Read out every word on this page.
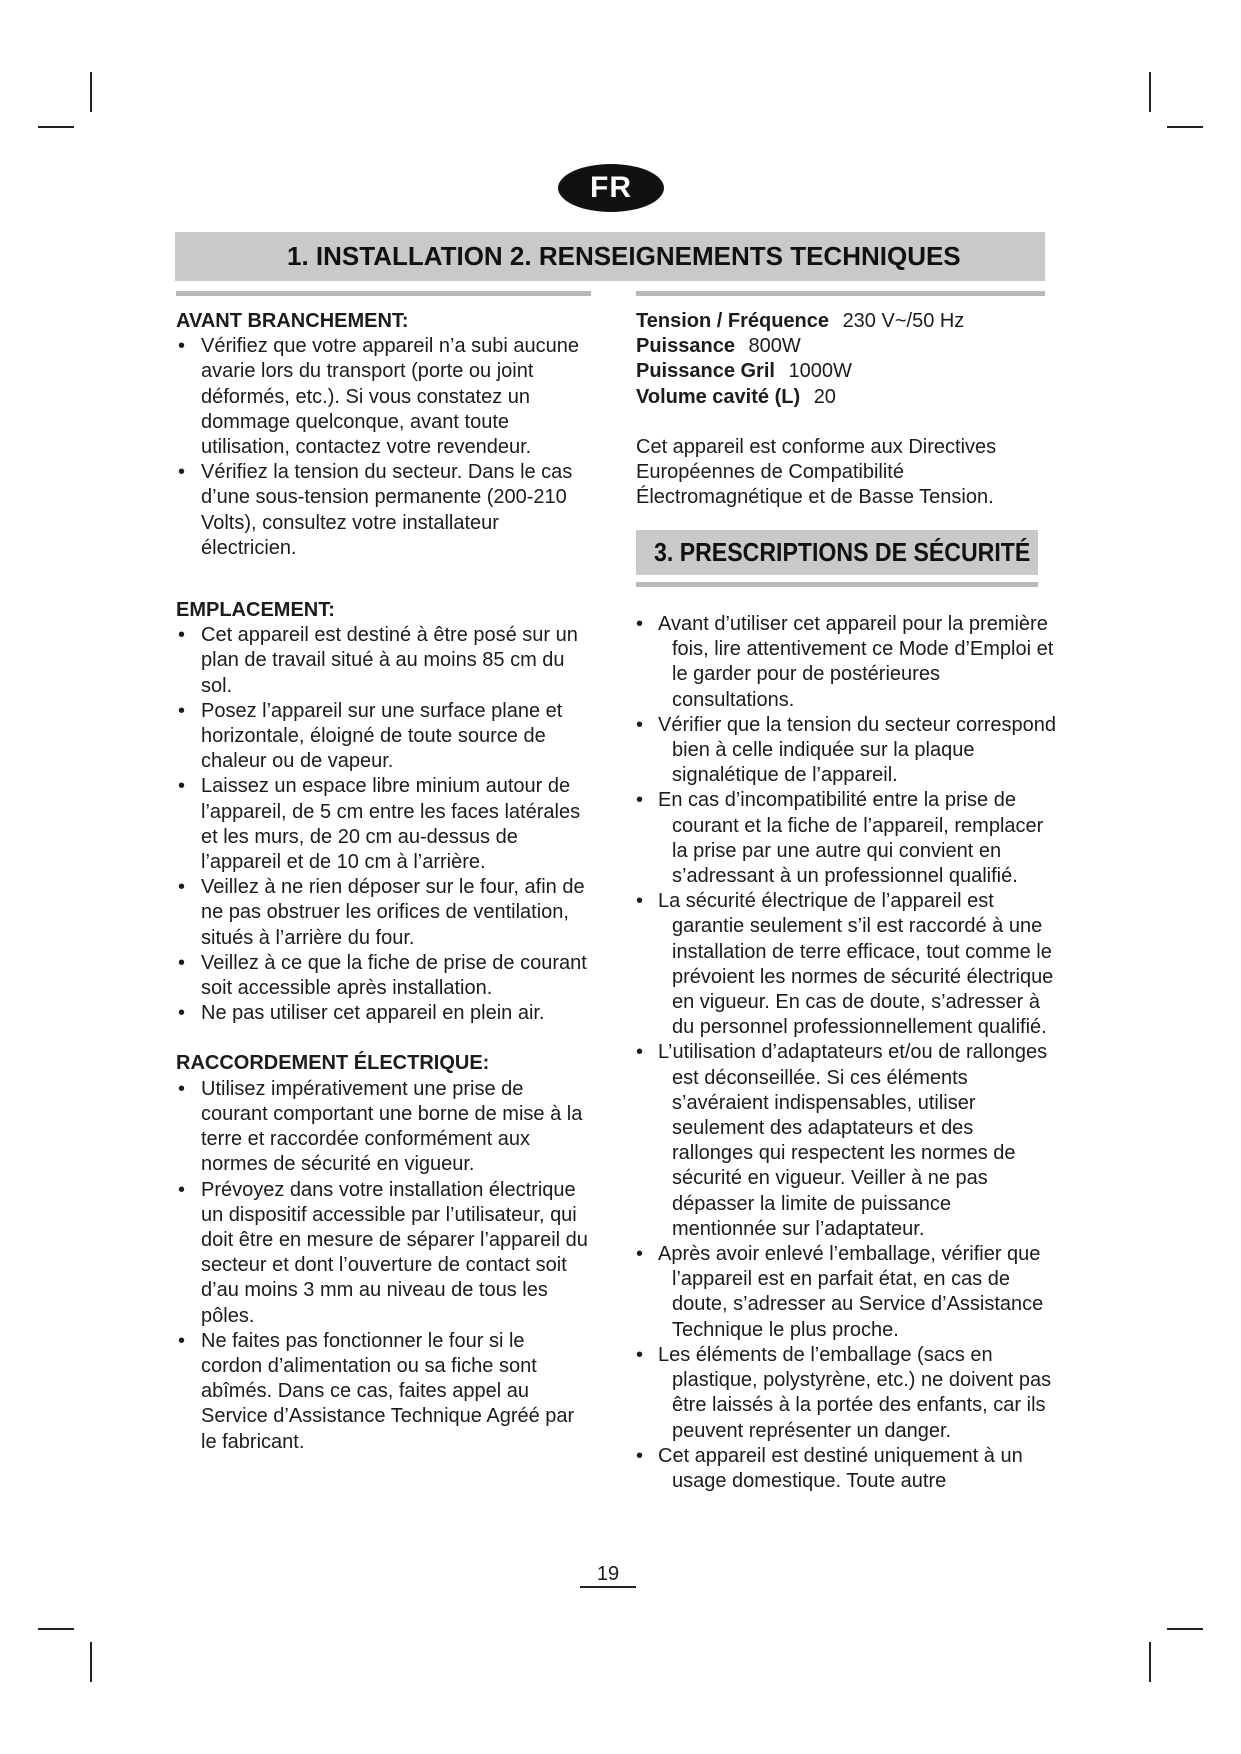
FR
1. INSTALLATION 2. RENSEIGNEMENTS TECHNIQUES

AVANT BRANCHEMENT:

• Vérifiez que votre appareil n’a subi aucune avarie lors du transport (porte ou joint déformés, etc.). Si vous constatez un dommage quelconque, avant toute utilisation, contactez votre revendeur.
• Vérifiez la tension du secteur. Dans le cas d’une sous-tension permanente (200-210 Volts), consultez votre installateur électricien.

EMPLACEMENT:

• Cet appareil est destiné à être posé sur un plan de travail situé à au moins 85 cm du sol.
• Posez l’appareil sur une surface plane et horizontale, éloigné de toute source de chaleur ou de vapeur.
• Laissez un espace libre minium autour de l’appareil, de 5 cm entre les faces latérales et les murs, de 20 cm au-dessus de l’appareil et de 10 cm à l’arrière.
• Veillez à ne rien déposer sur le four, afin de ne pas obstruer les orifices de ventilation, situés à l’arrière du four.
• Veillez à ce que la fiche de prise de courant soit accessible après installation.
• Ne pas utiliser cet appareil en plein air.

RACCORDEMENT ÉLECTRIQUE:

• Utilisez impérativement une prise de courant comportant une borne de mise à la terre et raccordée conformément aux normes de sécurité en vigueur.
• Prévoyez dans votre installation électrique un dispositif accessible par l’utilisateur, qui doit être en mesure de séparer l’appareil du secteur et dont l’ouverture de contact soit d’au moins 3 mm au niveau de tous les pôles.
• Ne faites pas fonctionner le four si le cordon d’alimentation ou sa fiche sont abîmés. Dans ce cas, faites appel au Service d’Assistance Technique Agréé par le fabricant.

Tension / Fréquence 230 V~/50 Hz

Puissance 800W

Puissance Gril 1000W

Volume cavité (L) 20

Cet appareil est conforme aux Directives Européennes de Compatibilité Électromagnétique et de Basse Tension.

3. PRESCRIPTIONS DE SÉCURITÉ
• Avant d’utiliser cet appareil pour la première fois, lire attentivement ce Mode d’Emploi et le garder pour de postérieures consultations.
• Vérifier que la tension du secteur correspond bien à celle indiquée sur la plaque signalétique de l’appareil.
• En cas d’incompatibilité entre la prise de courant et la fiche de l’appareil, remplacer la prise par une autre qui convient en s’adressant à un professionnel qualifié.
• La sécurité électrique de l’appareil est garantie seulement s’il est raccordé à une installation de terre efficace, tout comme le prévoient les normes de sécurité électrique en vigueur. En cas de doute, s’adresser à du personnel professionnellement qualifié.
• L’utilisation d’adaptateurs et/ou de rallonges est déconseillée. Si ces éléments s’avéraient indispensables, utiliser seulement des adaptateurs et des rallonges qui respectent les normes de sécurité en vigueur. Veiller à ne pas dépasser la limite de puissance mentionnée sur l’adaptateur.
• Après avoir enlevé l’emballage, vérifier que l’appareil est en parfait état, en cas de doute, s’adresser au Service d’Assistance Technique le plus proche.
• Les éléments de l’emballage (sacs en plastique, polystyrène, etc.) ne doivent pas être laissés à la portée des enfants, car ils peuvent représenter un danger.
• Cet appareil est destiné uniquement à un usage domestique. Toute autre
19
